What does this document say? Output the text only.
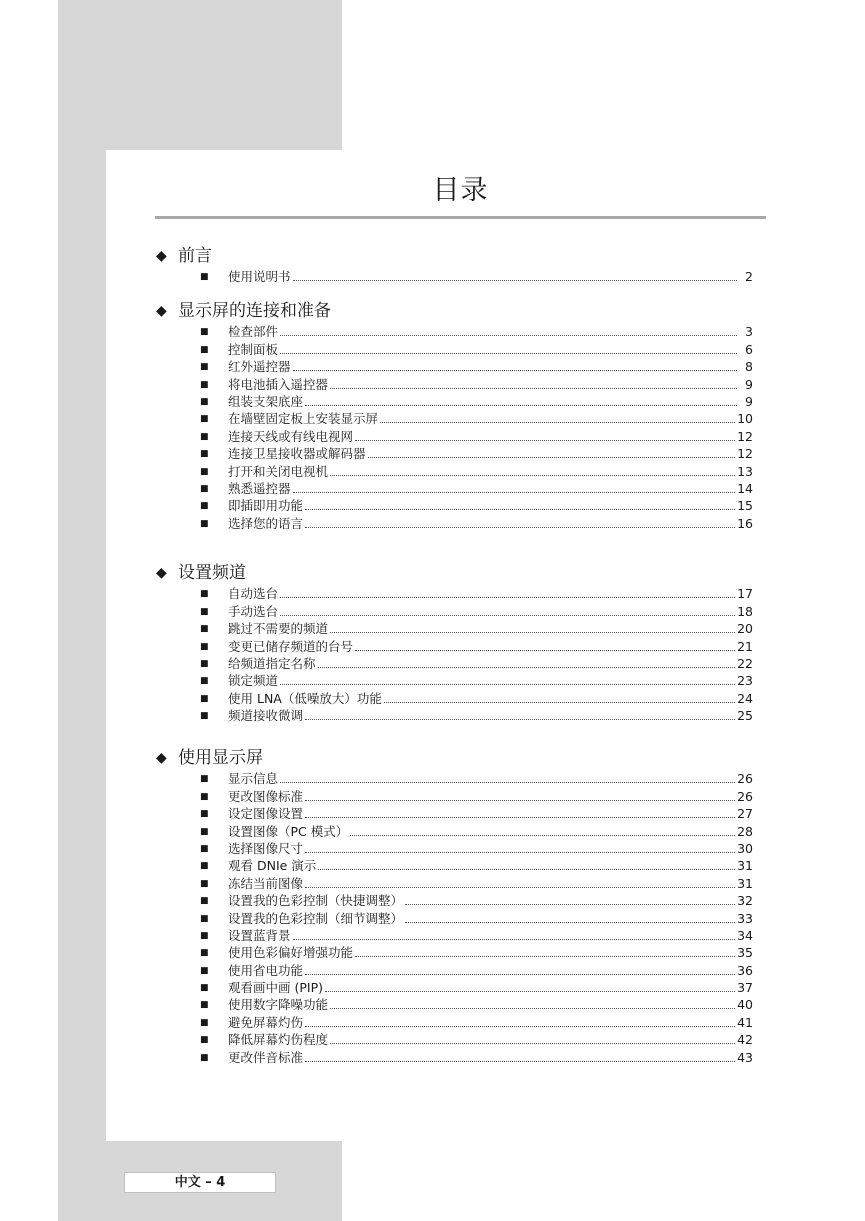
目录
◆ 前言
■	使用说明书	2
◆ 显示屏的连接和准备
■	检查部件	3
■	控制面板	6
■	红外遥控器	8
■	将电池插入遥控器	9
■	组装支架底座	9
■	在墙壁固定板上安装显示屏	10
■	连接天线或有线电视网	12
■	连接卫星接收器或解码器	12
■	打开和关闭电视机	13
■	熟悉遥控器	14
■	即插即用功能	15
■	选择您的语言	16
◆ 设置频道
■	自动选台	17
■	手动选台	18
■	跳过不需要的频道	20
■	变更已储存频道的台号	21
■	给频道指定名称	22
■	锁定频道	23
■	使用 LNA（低噪放大）功能	24
■	频道接收微调	25
◆ 使用显示屏
■	显示信息	26
■	更改图像标准	26
■	设定图像设置	27
■	设置图像（PC 模式）	28
■	选择图像尺寸	30
■	观看 DNIe 演示	31
■	冻结当前图像	31
■	设置我的色彩控制（快捷调整）	32
■	设置我的色彩控制（细节调整）	33
■	设置蓝背景	34
■	使用色彩偏好增强功能	35
■	使用省电功能	36
■	观看画中画 (PIP)	37
■	使用数字降噪功能	40
■	避免屏幕灼伤	41
■	降低屏幕灼伤程度	42
■	更改伴音标准	43
中文 – 4
